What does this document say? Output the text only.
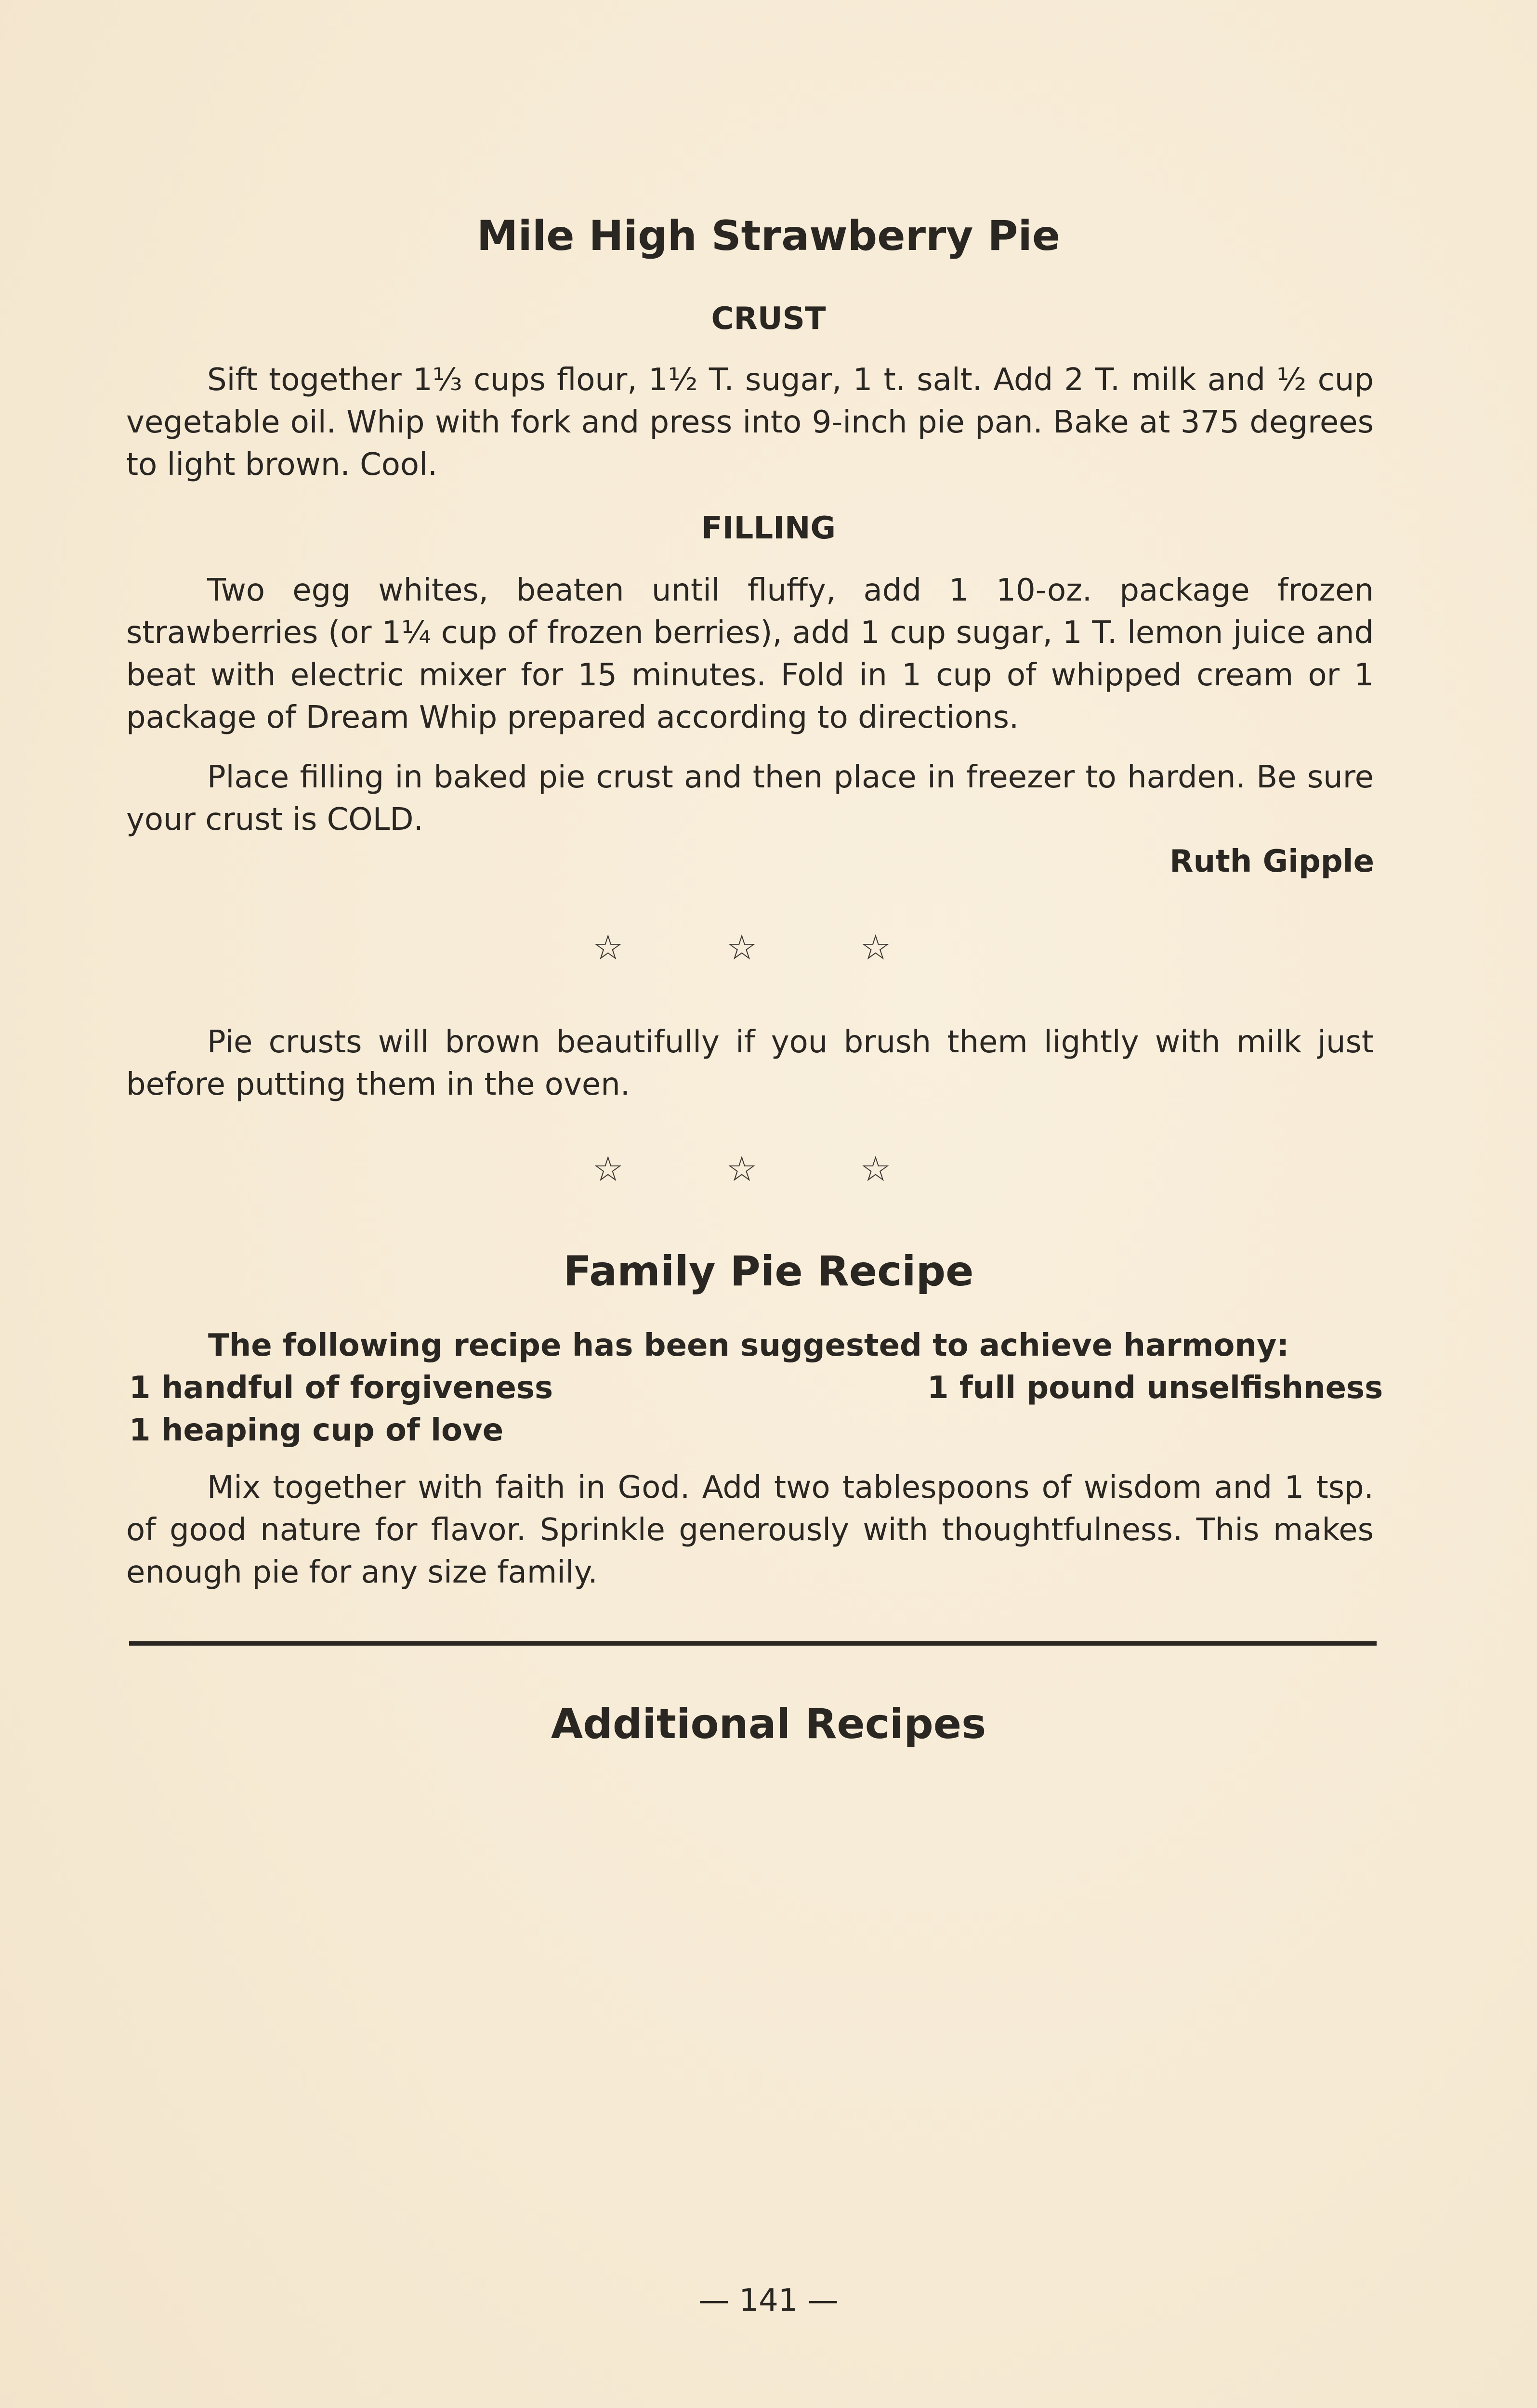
Mile High Strawberry Pie
CRUST
Sift together 1⅓ cups flour, 1½ T. sugar, 1 t. salt. Add 2 T. milk and ½ cup vegetable oil. Whip with fork and press into 9-inch pie pan. Bake at 375 degrees to light brown. Cool.
FILLING
Two egg whites, beaten until fluffy, add 1 10-oz. package frozen strawberries (or 1¼ cup of frozen berries), add 1 cup sugar, 1 T. lemon juice and beat with electric mixer for 15 minutes. Fold in 1 cup of whipped cream or 1 package of Dream Whip prepared according to directions.
Place filling in baked pie crust and then place in freezer to harden. Be sure your crust is COLD.
Ruth Gipple
☆	☆	☆
Pie crusts will brown beautifully if you brush them lightly with milk just before putting them in the oven.
☆	☆	☆
Family Pie Recipe
The following recipe has been suggested to achieve harmony:
1 handful of forgiveness	1 full pound unselfishness
1 heaping cup of love
Mix together with faith in God. Add two tablespoons of wisdom and 1 tsp. of good nature for flavor. Sprinkle generously with thoughtfulness. This makes enough pie for any size family.
Additional Recipes
— 141 —
